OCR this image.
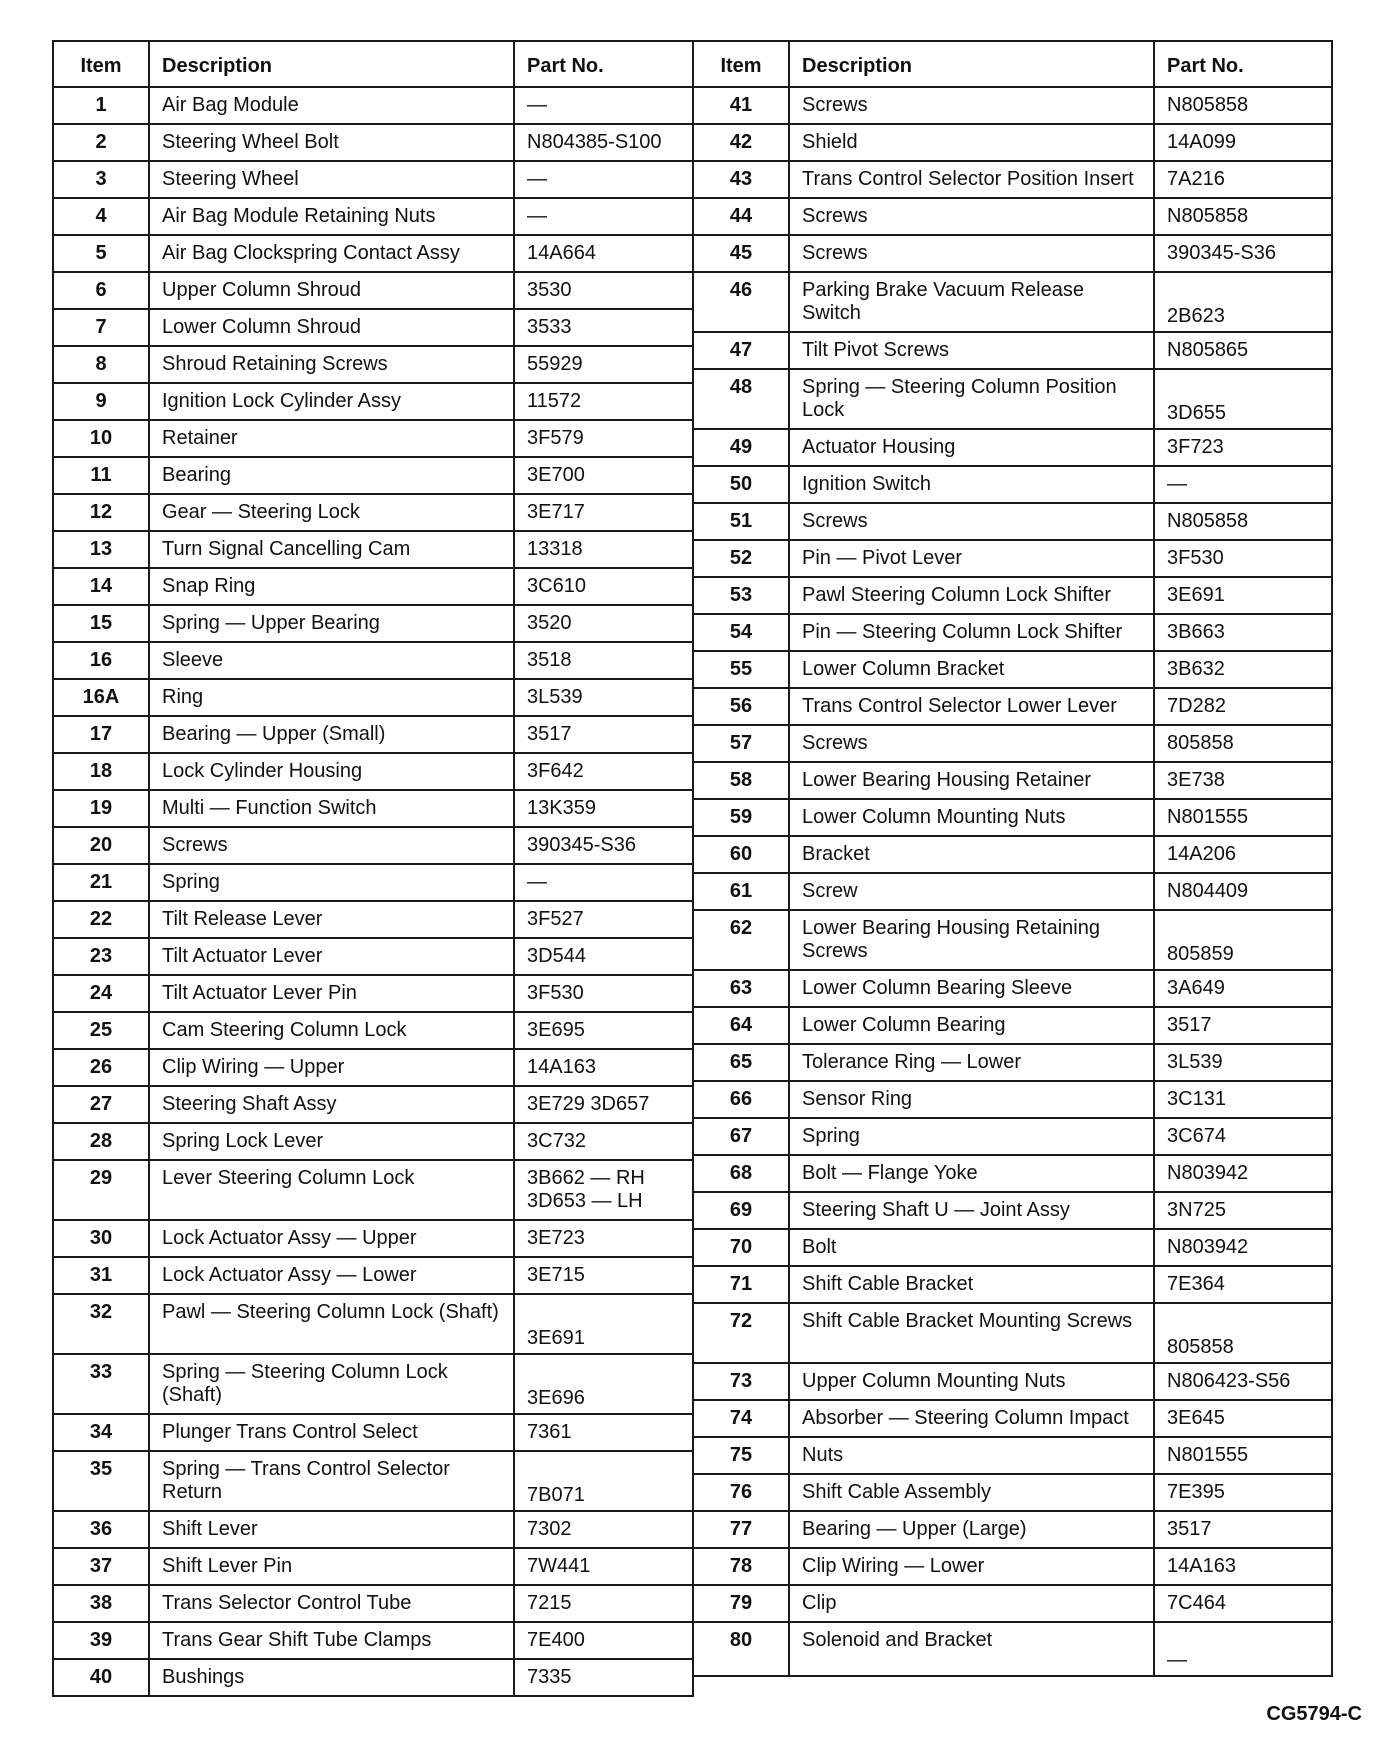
Item	Description	Part No.
1	Air Bag Module	—
2	Steering Wheel Bolt	N804385-S100
3	Steering Wheel	—
4	Air Bag Module Retaining Nuts	—
5	Air Bag Clockspring Contact Assy	14A664
6	Upper Column Shroud	3530
7	Lower Column Shroud	3533
8	Shroud Retaining Screws	55929
9	Ignition Lock Cylinder Assy	11572
10	Retainer	3F579
11	Bearing	3E700
12	Gear — Steering Lock	3E717
13	Turn Signal Cancelling Cam	13318
14	Snap Ring	3C610
15	Spring — Upper Bearing	3520
16	Sleeve	3518
16A	Ring	3L539
17	Bearing — Upper (Small)	3517
18	Lock Cylinder Housing	3F642
19	Multi — Function Switch	13K359
20	Screws	390345-S36
21	Spring	—
22	Tilt Release Lever	3F527
23	Tilt Actuator Lever	3D544
24	Tilt Actuator Lever Pin	3F530
25	Cam Steering Column Lock	3E695
26	Clip Wiring — Upper	14A163
27	Steering Shaft Assy	3E729 3D657
28	Spring Lock Lever	3C732
29	Lever Steering Column Lock	3B662 — RH
3D653 — LH
30	Lock Actuator Assy — Upper	3E723
31	Lock Actuator Assy — Lower	3E715
32	Pawl — Steering Column Lock (Shaft)	3E691
33	Spring — Steering Column Lock (Shaft)	3E696
34	Plunger Trans Control Select	7361
35	Spring — Trans Control Selector Return	7B071
36	Shift Lever	7302
37	Shift Lever Pin	7W441
38	Trans Selector Control Tube	7215
39	Trans Gear Shift Tube Clamps	7E400
40	Bushings	7335
Item	Description	Part No.
41	Screws	N805858
42	Shield	14A099
43	Trans Control Selector Position Insert	7A216
44	Screws	N805858
45	Screws	390345-S36
46	Parking Brake Vacuum Release Switch	2B623
47	Tilt Pivot Screws	N805865
48	Spring — Steering Column Position Lock	3D655
49	Actuator Housing	3F723
50	Ignition Switch	—
51	Screws	N805858
52	Pin — Pivot Lever	3F530
53	Pawl Steering Column Lock Shifter	3E691
54	Pin — Steering Column Lock Shifter	3B663
55	Lower Column Bracket	3B632
56	Trans Control Selector Lower Lever	7D282
57	Screws	805858
58	Lower Bearing Housing Retainer	3E738
59	Lower Column Mounting Nuts	N801555
60	Bracket	14A206
61	Screw	N804409
62	Lower Bearing Housing Retaining Screws	805859
63	Lower Column Bearing Sleeve	3A649
64	Lower Column Bearing	3517
65	Tolerance Ring — Lower	3L539
66	Sensor Ring	3C131
67	Spring	3C674
68	Bolt — Flange Yoke	N803942
69	Steering Shaft U — Joint Assy	3N725
70	Bolt	N803942
71	Shift Cable Bracket	7E364
72	Shift Cable Bracket Mounting Screws	805858
73	Upper Column Mounting Nuts	N806423-S56
74	Absorber — Steering Column Impact	3E645
75	Nuts	N801555
76	Shift Cable Assembly	7E395
77	Bearing — Upper (Large)	3517
78	Clip Wiring — Lower	14A163
79	Clip	7C464
80	Solenoid and Bracket	—
CG5794-C
